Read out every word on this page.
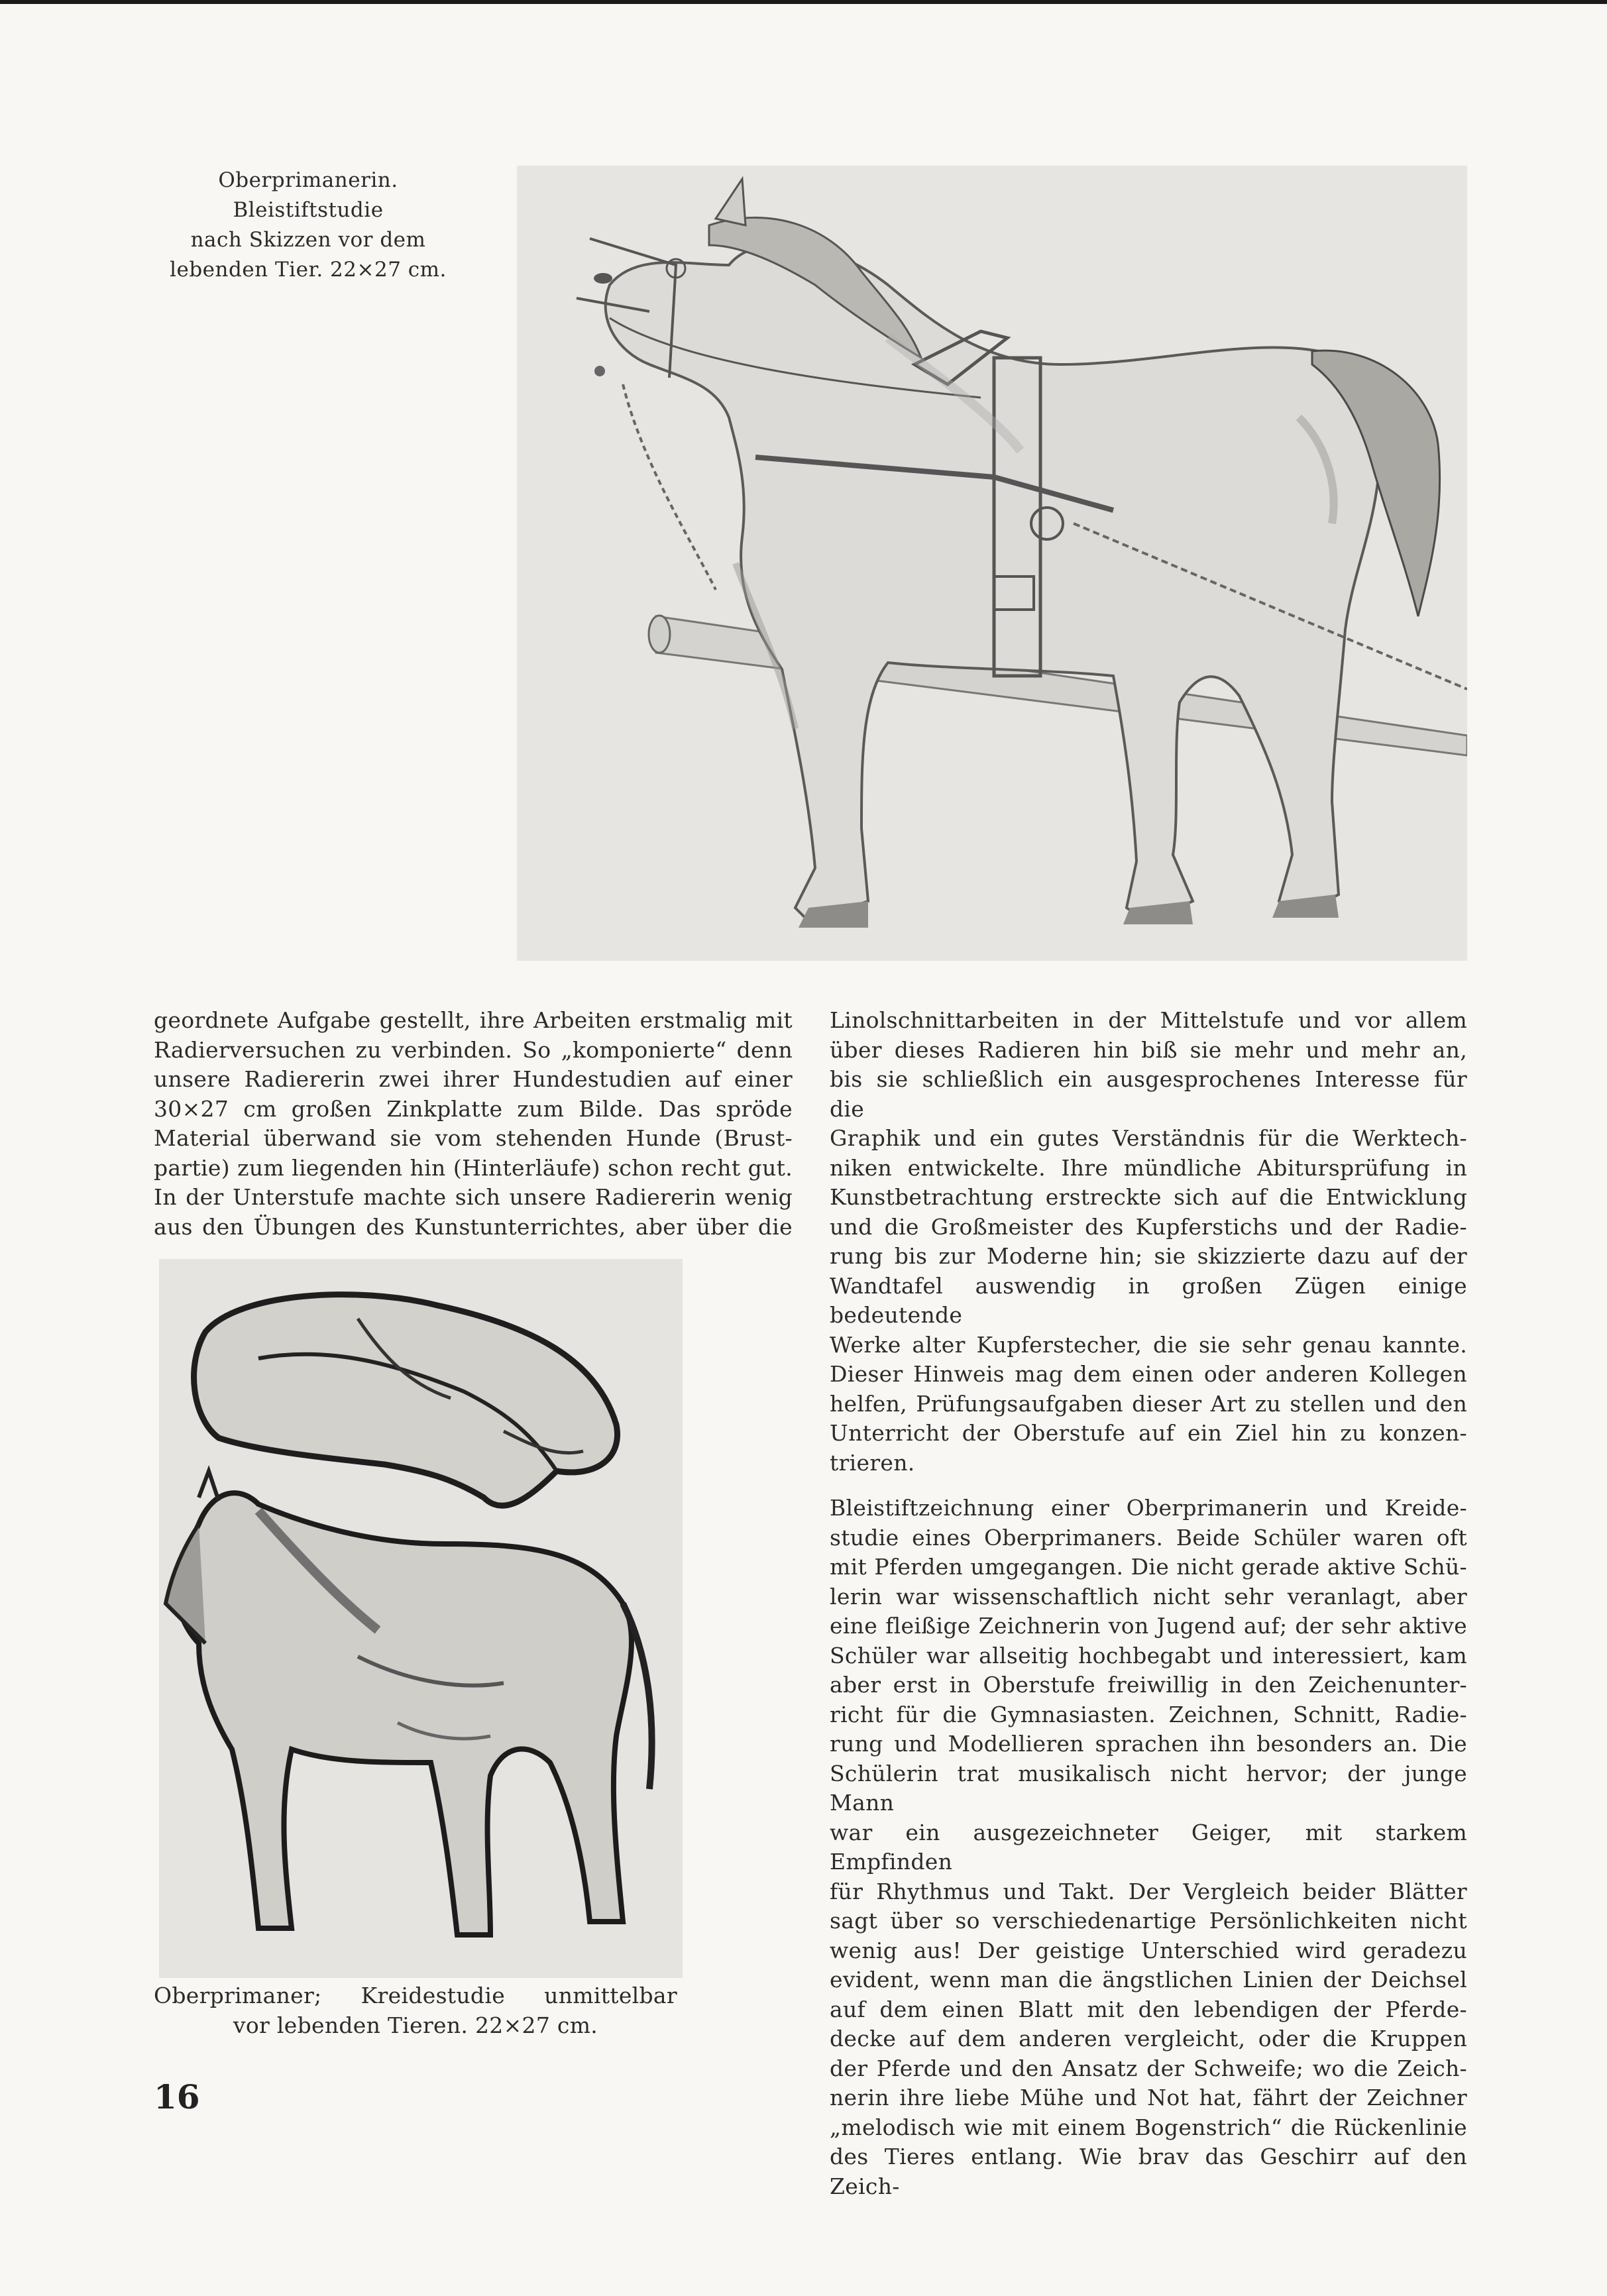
Oberprimanerin.
Bleistiftstudie
nach Skizzen vor dem
lebenden Tier. 22×27 cm.

geordnete Aufgabe gestellt, ihre Arbeiten erstmalig mit

Radierversuchen zu verbinden. So „komponierte“ denn

unsere Radiererin zwei ihrer Hundestudien auf einer

30×27 cm großen Zinkplatte zum Bilde. Das spröde

Material überwand sie vom stehenden Hunde (Brust-

partie) zum liegenden hin (Hinterläufe) schon recht gut.

In der Unterstufe machte sich unsere Radiererin wenig

aus den Übungen des Kunstunterrichtes, aber über die

Oberprimaner; Kreidestudie unmittelbar

vor lebenden Tieren. 22×27 cm.

Linolschnittarbeiten in der Mittelstufe und vor allem

über dieses Radieren hin biß sie mehr und mehr an,

bis sie schließlich ein ausgesprochenes Interesse für die

Graphik und ein gutes Verständnis für die Werktech-

niken entwickelte. Ihre mündliche Abitursprüfung in

Kunstbetrachtung erstreckte sich auf die Entwicklung

und die Großmeister des Kupferstichs und der Radie-

rung bis zur Moderne hin; sie skizzierte dazu auf der

Wandtafel auswendig in großen Zügen einige bedeutende

Werke alter Kupferstecher, die sie sehr genau kannte.

Dieser Hinweis mag dem einen oder anderen Kollegen

helfen, Prüfungsaufgaben dieser Art zu stellen und den

Unterricht der Oberstufe auf ein Ziel hin zu konzen-

trieren.

Bleistiftzeichnung einer Oberprimanerin und Kreide-

studie eines Oberprimaners. Beide Schüler waren oft

mit Pferden umgegangen. Die nicht gerade aktive Schü-

lerin war wissenschaftlich nicht sehr veranlagt, aber

eine fleißige Zeichnerin von Jugend auf; der sehr aktive

Schüler war allseitig hochbegabt und interessiert, kam

aber erst in Oberstufe freiwillig in den Zeichenunter-

richt für die Gymnasiasten. Zeichnen, Schnitt, Radie-

rung und Modellieren sprachen ihn besonders an. Die

Schülerin trat musikalisch nicht hervor; der junge Mann

war ein ausgezeichneter Geiger, mit starkem Empfinden

für Rhythmus und Takt. Der Vergleich beider Blätter

sagt über so verschiedenartige Persönlichkeiten nicht

wenig aus! Der geistige Unterschied wird geradezu

evident, wenn man die ängstlichen Linien der Deichsel

auf dem einen Blatt mit den lebendigen der Pferde-

decke auf dem anderen vergleicht, oder die Kruppen

der Pferde und den Ansatz der Schweife; wo die Zeich-

nerin ihre liebe Mühe und Not hat, fährt der Zeichner

„melodisch wie mit einem Bogenstrich“ die Rückenlinie

des Tieres entlang. Wie brav das Geschirr auf den Zeich-

16
